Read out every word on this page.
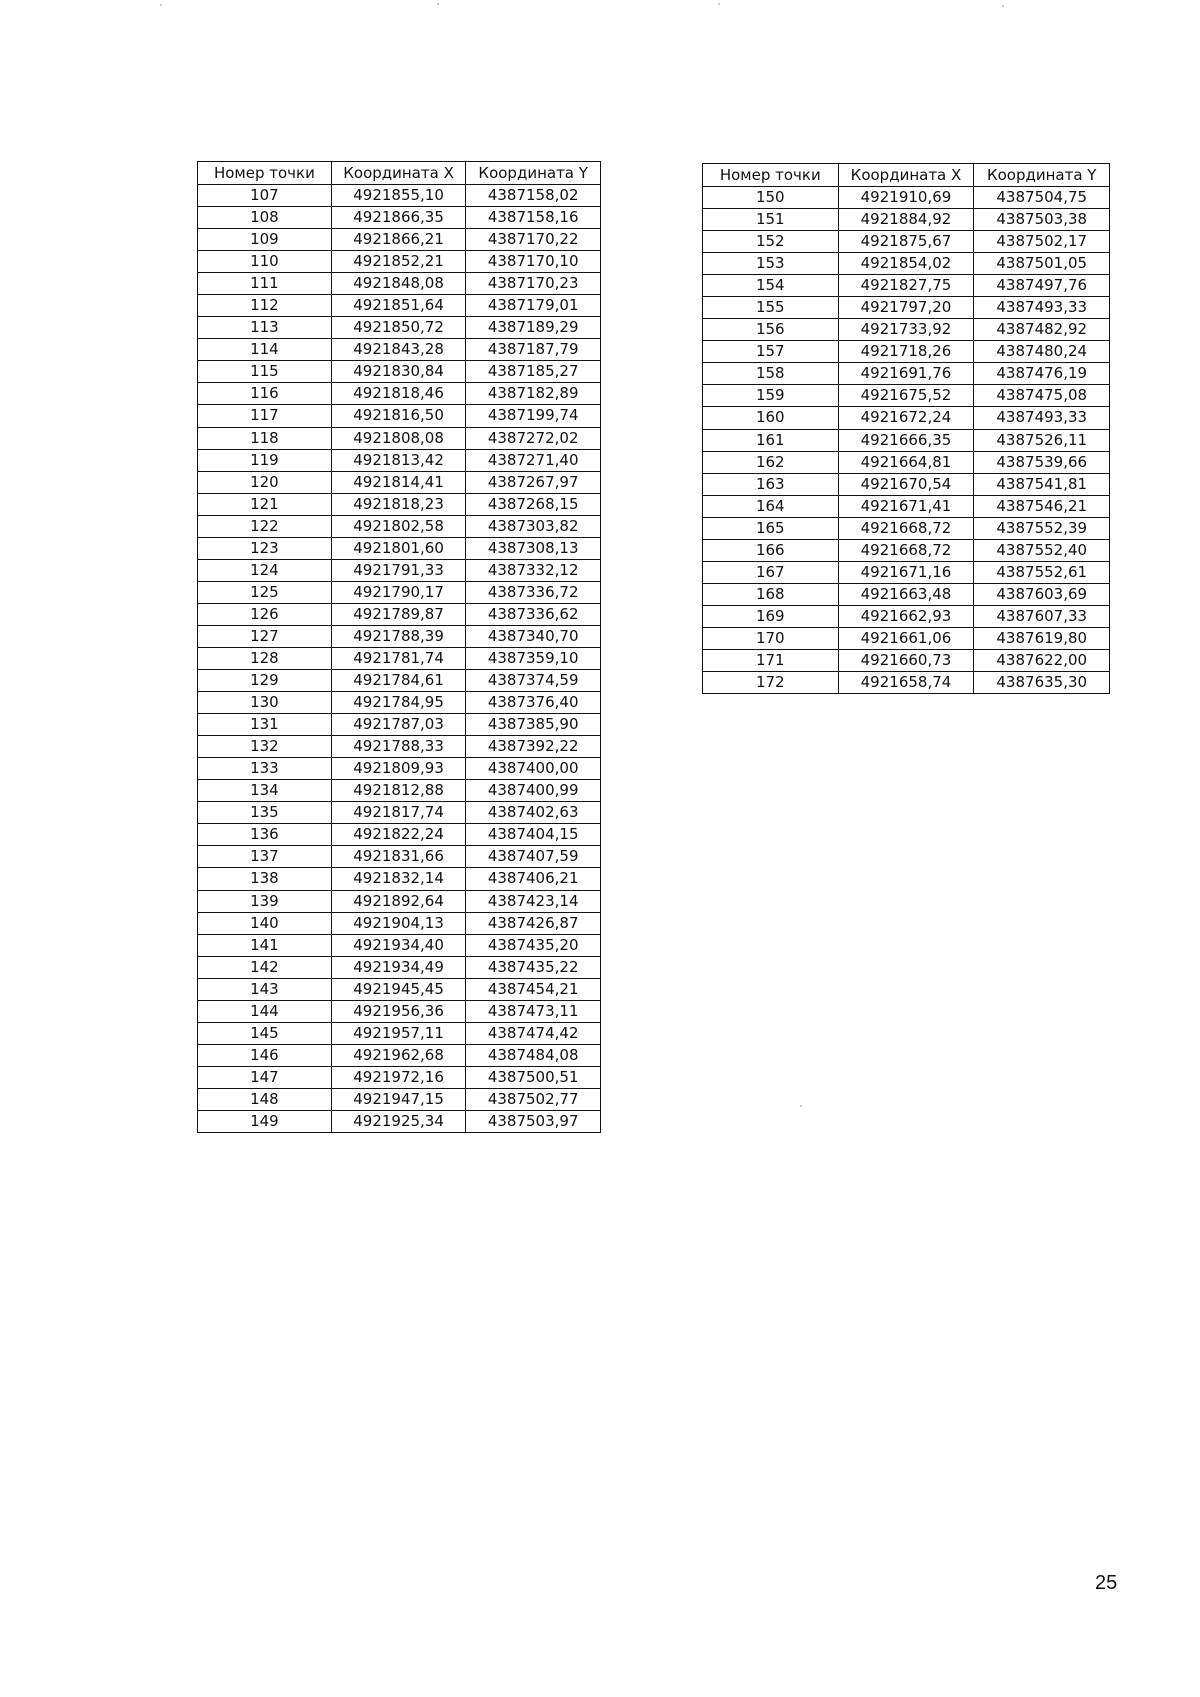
Номер точки	Координата X	Координата Y
107	4921855,10	4387158,02
108	4921866,35	4387158,16
109	4921866,21	4387170,22
110	4921852,21	4387170,10
111	4921848,08	4387170,23
112	4921851,64	4387179,01
113	4921850,72	4387189,29
114	4921843,28	4387187,79
115	4921830,84	4387185,27
116	4921818,46	4387182,89
117	4921816,50	4387199,74
118	4921808,08	4387272,02
119	4921813,42	4387271,40
120	4921814,41	4387267,97
121	4921818,23	4387268,15
122	4921802,58	4387303,82
123	4921801,60	4387308,13
124	4921791,33	4387332,12
125	4921790,17	4387336,72
126	4921789,87	4387336,62
127	4921788,39	4387340,70
128	4921781,74	4387359,10
129	4921784,61	4387374,59
130	4921784,95	4387376,40
131	4921787,03	4387385,90
132	4921788,33	4387392,22
133	4921809,93	4387400,00
134	4921812,88	4387400,99
135	4921817,74	4387402,63
136	4921822,24	4387404,15
137	4921831,66	4387407,59
138	4921832,14	4387406,21
139	4921892,64	4387423,14
140	4921904,13	4387426,87
141	4921934,40	4387435,20
142	4921934,49	4387435,22
143	4921945,45	4387454,21
144	4921956,36	4387473,11
145	4921957,11	4387474,42
146	4921962,68	4387484,08
147	4921972,16	4387500,51
148	4921947,15	4387502,77
149	4921925,34	4387503,97
Номер точки	Координата X	Координата Y
150	4921910,69	4387504,75
151	4921884,92	4387503,38
152	4921875,67	4387502,17
153	4921854,02	4387501,05
154	4921827,75	4387497,76
155	4921797,20	4387493,33
156	4921733,92	4387482,92
157	4921718,26	4387480,24
158	4921691,76	4387476,19
159	4921675,52	4387475,08
160	4921672,24	4387493,33
161	4921666,35	4387526,11
162	4921664,81	4387539,66
163	4921670,54	4387541,81
164	4921671,41	4387546,21
165	4921668,72	4387552,39
166	4921668,72	4387552,40
167	4921671,16	4387552,61
168	4921663,48	4387603,69
169	4921662,93	4387607,33
170	4921661,06	4387619,80
171	4921660,73	4387622,00
172	4921658,74	4387635,30
25
